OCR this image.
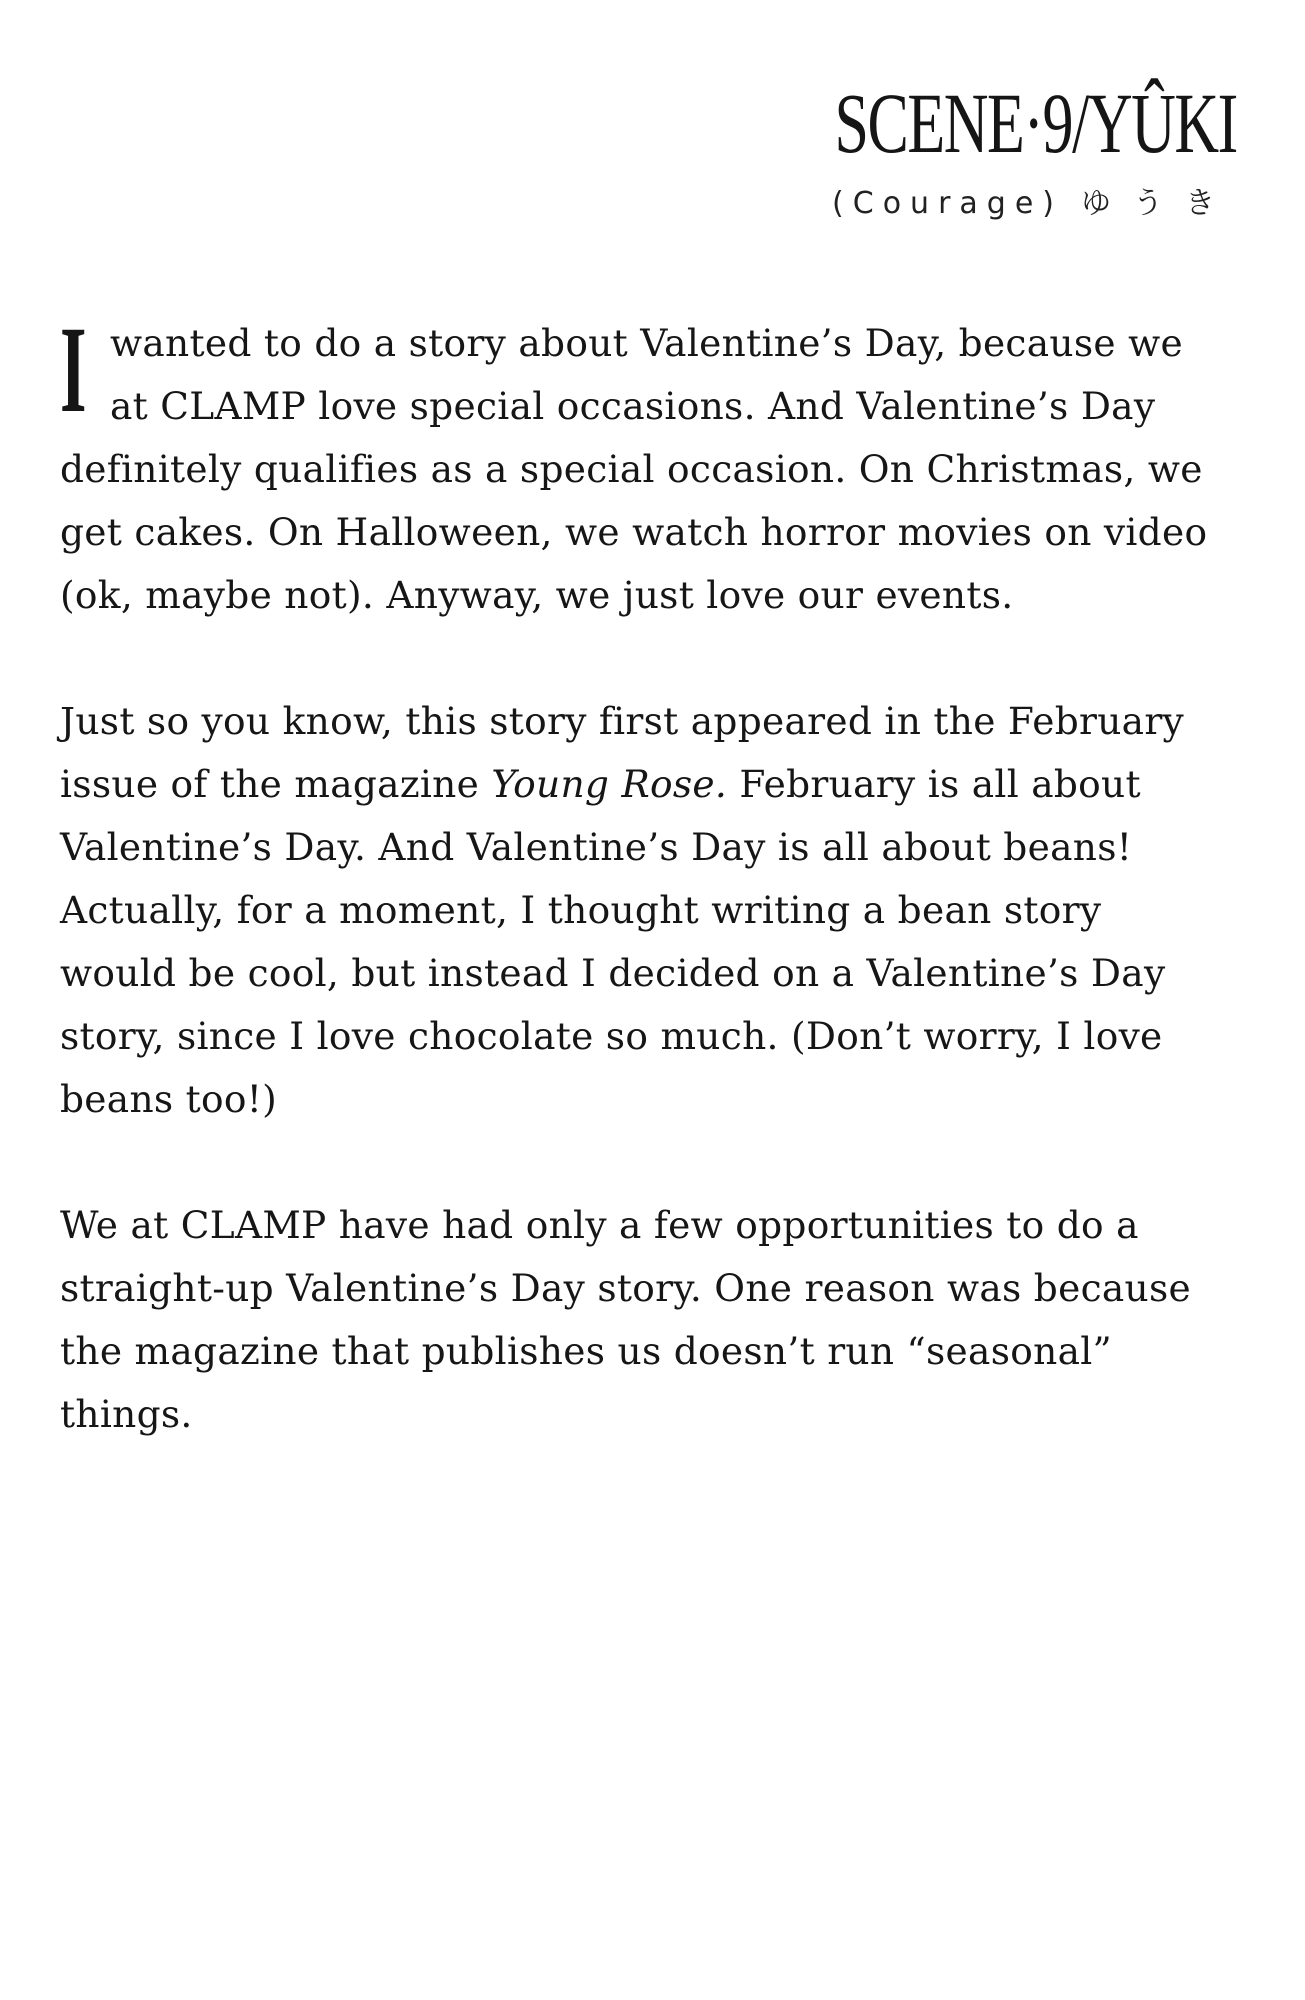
SCENE·9/YÛKI
(Courage) ゆうき
I wanted to do a story about Valentine’s Day, because we
at CLAMP love special occasions. And Valentine’s Day
definitely qualifies as a special occasion. On Christmas, we
get cakes. On Halloween, we watch horror movies on video
(ok, maybe not). Anyway, we just love our events.
Just so you know, this story first appeared in the February
issue of the magazine Young Rose. February is all about
Valentine’s Day. And Valentine’s Day is all about beans!
Actually, for a moment, I thought writing a bean story
would be cool, but instead I decided on a Valentine’s Day
story, since I love chocolate so much. (Don’t worry, I love
beans too!)
We at CLAMP have had only a few opportunities to do a
straight-up Valentine’s Day story. One reason was because
the magazine that publishes us doesn’t run “seasonal”
things.
